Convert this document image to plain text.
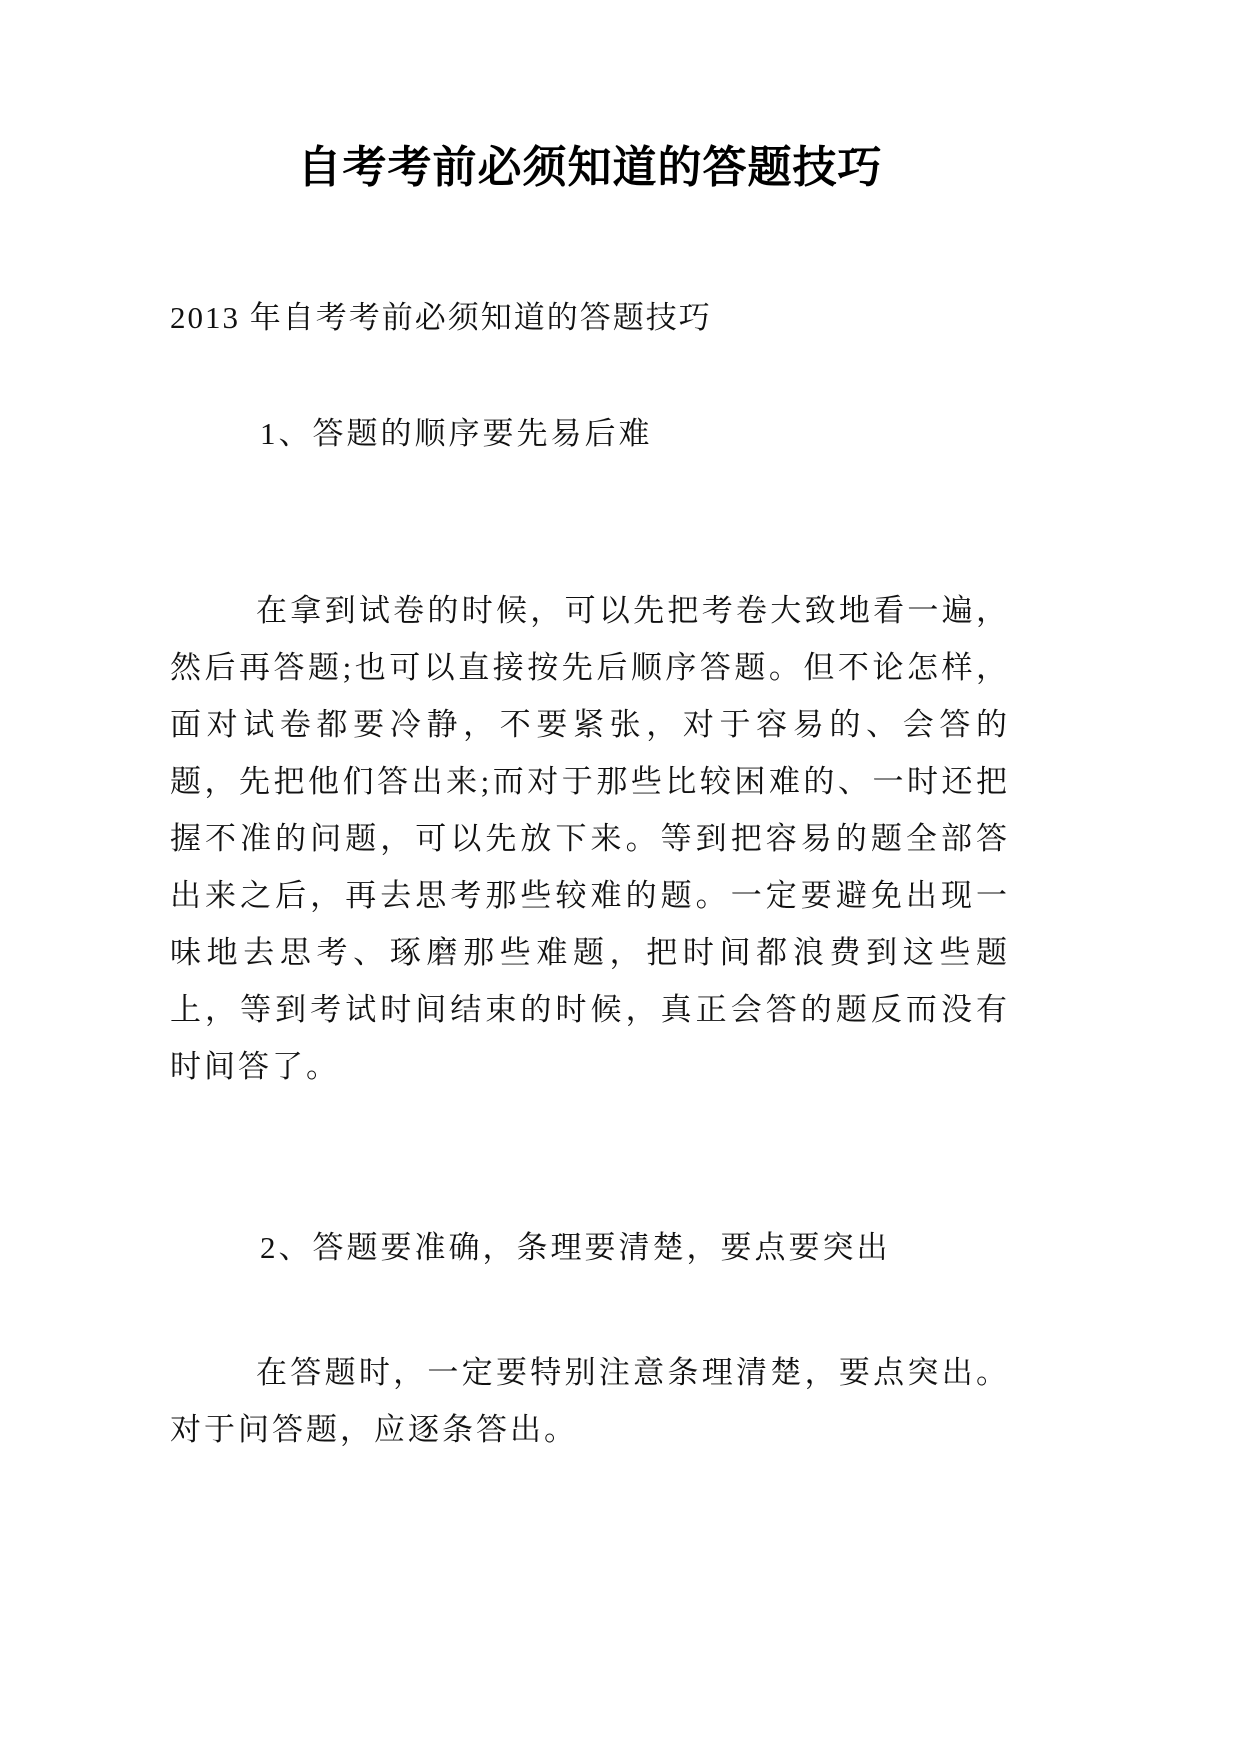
自考考前必须知道的答题技巧

2013 年自考考前必须知道的答题技巧

1、答题的顺序要先易后难

在拿到试卷的时候，可以先把考卷大致地看一遍，然后再答题;也可以直接按先后顺序答题。但不论怎样，面对试卷都要冷静，不要紧张，对于容易的、会答的题，先把他们答出来;而对于那些比较困难的、一时还把握不准的问题，可以先放下来。等到把容易的题全部答出来之后，再去思考那些较难的题。一定要避免出现一味地去思考、琢磨那些难题，把时间都浪费到这些题上，等到考试时间结束的时候，真正会答的题反而没有时间答了。

2、答题要准确，条理要清楚，要点要突出

在答题时，一定要特别注意条理清楚，要点突出。对于问答题，应逐条答出。
